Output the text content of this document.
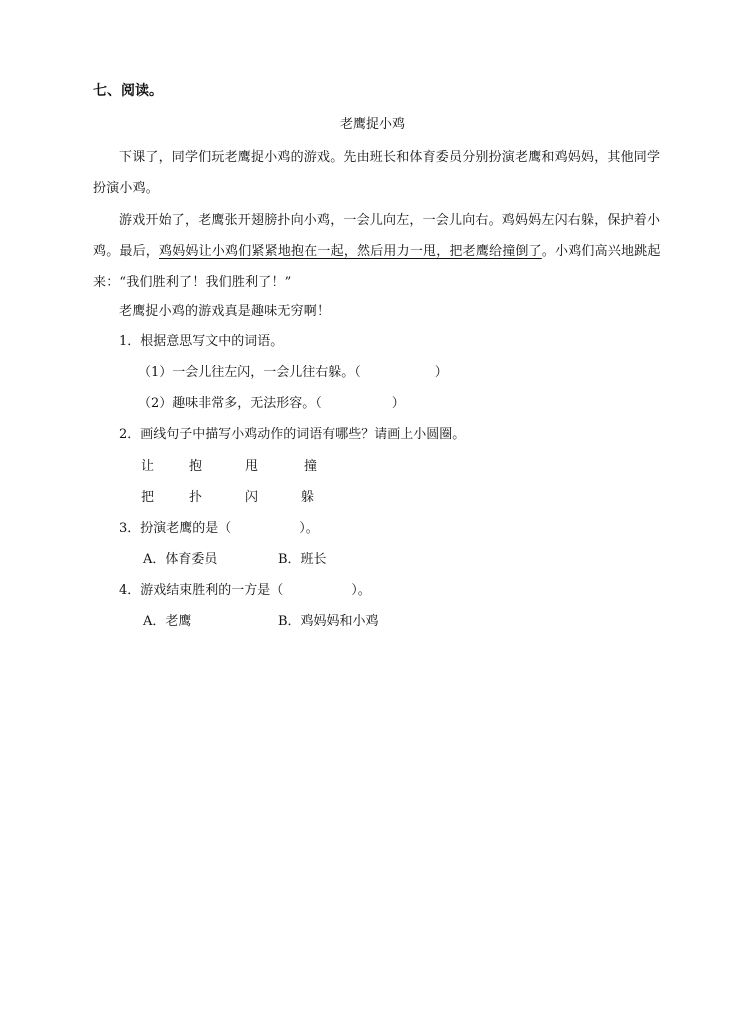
七、阅读。
老鹰捉小鸡

下课了，同学们玩老鹰捉小鸡的游戏。先由班长和体育委员分别扮演老鹰和鸡妈妈，其他同学扮演小鸡。

游戏开始了，老鹰张开翅膀扑向小鸡，一会儿向左，一会儿向右。鸡妈妈左闪右躲，保护着小鸡。最后，鸡妈妈让小鸡们紧紧地抱在一起，然后用力一甩，把老鹰给撞倒了。小鸡们高兴地跳起来：“我们胜利了！我们胜利了！”

老鹰捉小鸡的游戏真是趣味无穷啊！

1．根据意思写文中的词语。
（1）一会儿往左闪，一会儿往右躲。（	）
（2）趣味非常多，无法形容。（	）
2．画线句子中描写小鸡动作的词语有哪些？请画上小圆圈。
让	抱	甩	撞
把	扑	闪	躲
3．扮演老鹰的是（	）。
A．体育委员	B．班长
4．游戏结束胜利的一方是（	）。
A．老鹰	B．鸡妈妈和小鸡
